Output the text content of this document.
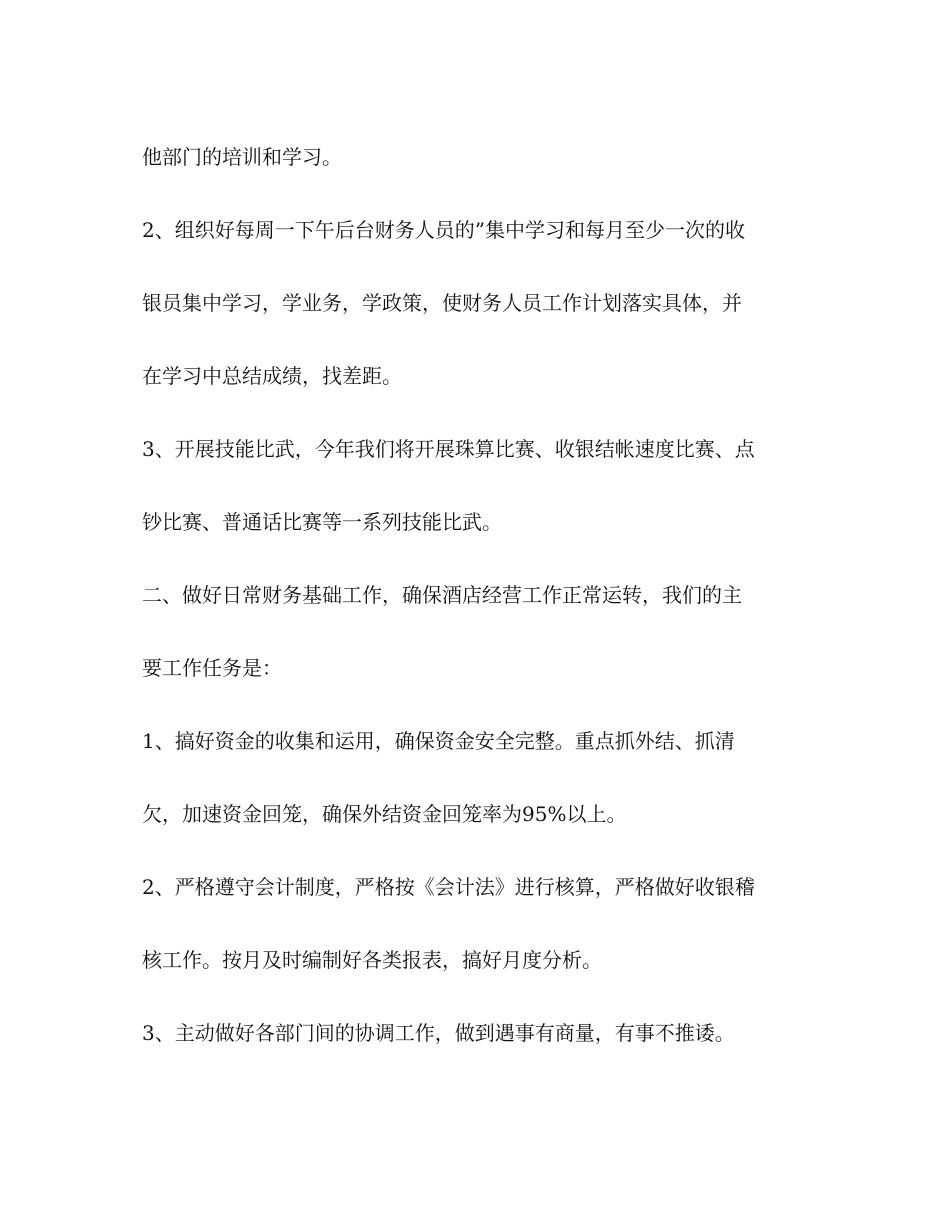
他部门的培训和学习。
2、组织好每周一下午后台财务人员的”集中学习和每月至少一次的收
银员集中学习，学业务，学政策，使财务人员工作计划落实具体，并
在学习中总结成绩，找差距。
3、开展技能比武，今年我们将开展珠算比赛、收银结帐速度比赛、点
钞比赛、普通话比赛等一系列技能比武。
二、做好日常财务基础工作，确保酒店经营工作正常运转，我们的主
要工作任务是：
1、搞好资金的收集和运用，确保资金安全完整。重点抓外结、抓清
欠，加速资金回笼，确保外结资金回笼率为95%以上。
2、严格遵守会计制度，严格按《会计法》进行核算，严格做好收银稽
核工作。按月及时编制好各类报表，搞好月度分析。
3、主动做好各部门间的协调工作，做到遇事有商量，有事不推诿。
